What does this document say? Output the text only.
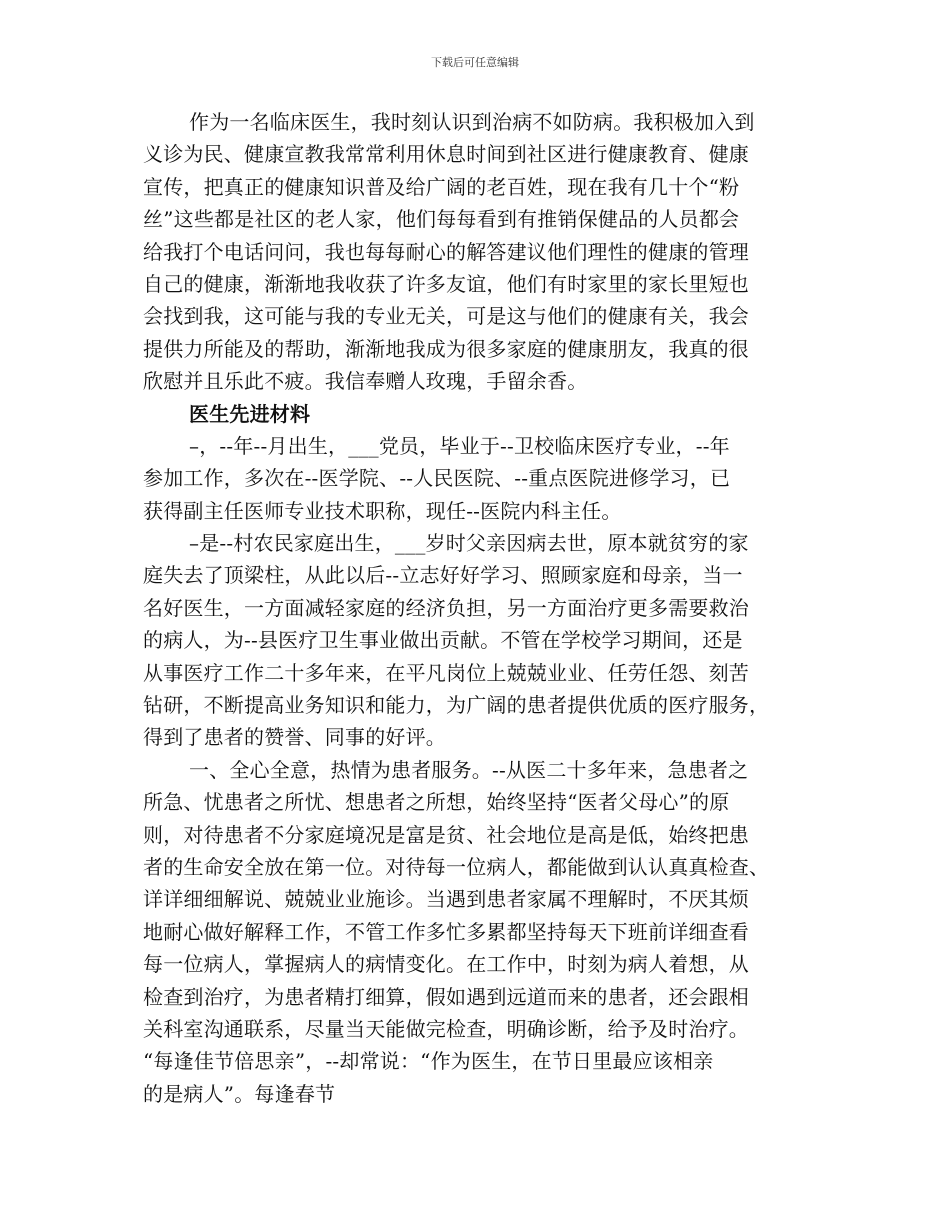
下载后可任意编辑
作为一名临床医生，我时刻认识到治病不如防病。我积极加入到
义诊为民、健康宣教我常常利用休息时间到社区进行健康教育、健康
宣传，把真正的健康知识普及给广阔的老百姓，现在我有几十个“粉
丝”这些都是社区的老人家，他们每每看到有推销保健品的人员都会
给我打个电话问问，我也每每耐心的解答建议他们理性的健康的管理
自己的健康，渐渐地我收获了许多友谊，他们有时家里的家长里短也
会找到我，这可能与我的专业无关，可是这与他们的健康有关，我会
提供力所能及的帮助，渐渐地我成为很多家庭的健康朋友，我真的很
欣慰并且乐此不疲。我信奉赠人玫瑰，手留余香。
医生先进材料
–，--年--月出生，___党员，毕业于--卫校临床医疗专业，--年
参加工作，多次在--医学院、--人民医院、--重点医院进修学习，已
获得副主任医师专业技术职称，现任--医院内科主任。
–是--村农民家庭出生，___岁时父亲因病去世，原本就贫穷的家
庭失去了顶梁柱，从此以后--立志好好学习、照顾家庭和母亲，当一
名好医生，一方面减轻家庭的经济负担，另一方面治疗更多需要救治
的病人，为--县医疗卫生事业做出贡献。不管在学校学习期间，还是
从事医疗工作二十多年来，在平凡岗位上兢兢业业、任劳任怨、刻苦
钻研，不断提高业务知识和能力，为广阔的患者提供优质的医疗服务，
得到了患者的赞誉、同事的好评。
一、全心全意，热情为患者服务。--从医二十多年来，急患者之
所急、忧患者之所忧、想患者之所想，始终坚持“医者父母心”的原
则，对待患者不分家庭境况是富是贫、社会地位是高是低，始终把患
者的生命安全放在第一位。对待每一位病人，都能做到认认真真检查、
详详细细解说、兢兢业业施诊。当遇到患者家属不理解时，不厌其烦
地耐心做好解释工作，不管工作多忙多累都坚持每天下班前详细查看
每一位病人，掌握病人的病情变化。在工作中，时刻为病人着想，从
检查到治疗，为患者精打细算，假如遇到远道而来的患者，还会跟相
关科室沟通联系，尽量当天能做完检查，明确诊断，给予及时治疗。
“每逢佳节倍思亲”，--却常说：“作为医生，在节日里最应该相亲
的是病人”。每逢春节
